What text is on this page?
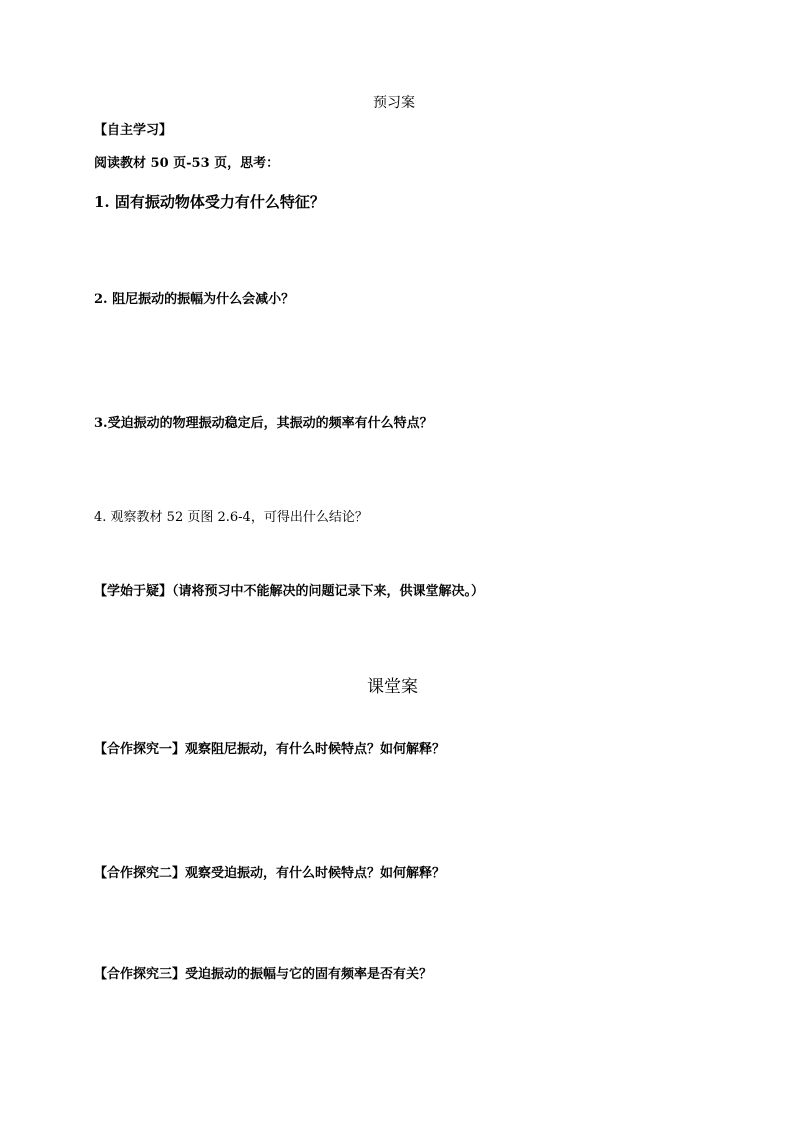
预习案
【自主学习】
阅读教材 50 页-53 页，思考：
1. 固有振动物体受力有什么特征？
2. 阻尼振动的振幅为什么会减小？
3.受迫振动的物理振动稳定后，其振动的频率有什么特点？
4. 观察教材 52 页图 2.6-4，可得出什么结论？
【学始于疑】（请将预习中不能解决的问题记录下来，供课堂解决。）
课堂案
【合作探究一】观察阻尼振动，有什么时候特点？如何解释？
【合作探究二】观察受迫振动，有什么时候特点？如何解释？
【合作探究三】受迫振动的振幅与它的固有频率是否有关？
